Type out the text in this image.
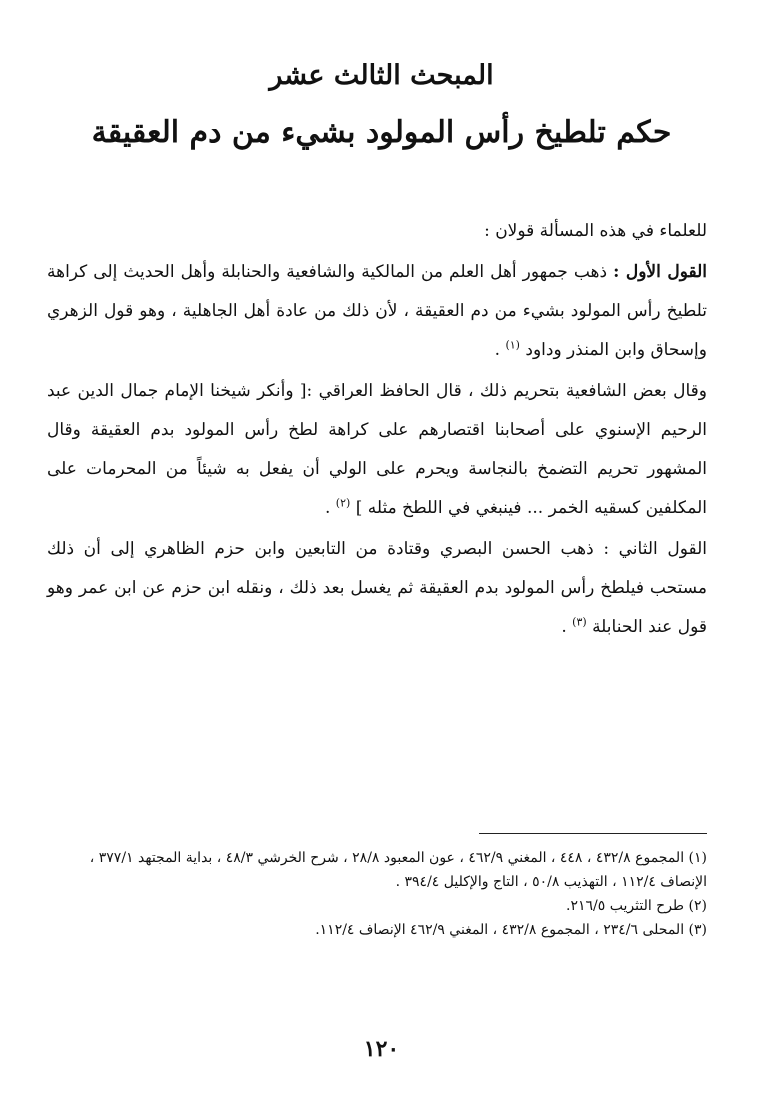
المبحث الثالث عشر
حكم تلطيخ رأس المولود بشيء من دم العقيقة

للعلماء في هذه المسألة قولان :

القول الأول : ذهب جمهور أهل العلم من المالكية والشافعية والحنابلة وأهل الحديث إلى كراهة تلطيخ رأس المولود بشيء من دم العقيقة ، لأن ذلك من عادة أهل الجاهلية ، وهو قول الزهري وإسحاق وابن المنذر وداود $^{(١)}$ .

وقال بعض الشافعية بتحريم ذلك ، قال الحافظ العراقي :[ وأنكر شيخنا الإمام جمال الدين عبد الرحيم الإسنوي على أصحابنا اقتصارهم على كراهة لطخ رأس المولود بدم العقيقة وقال المشهور تحريم التضمخ بالنجاسة ويحرم على الولي أن يفعل به شيئاً من المحرمات على المكلفين كسقيه الخمر ... فينبغي في اللطخ مثله ] $^{(٢)}$ .

القول الثاني : ذهب الحسن البصري وقتادة من التابعين وابن حزم الظاهري إلى أن ذلك مستحب فيلطخ رأس المولود بدم العقيقة ثم يغسل بعد ذلك ، ونقله ابن حزم عن ابن عمر وهو قول عند الحنابلة $^{(٣)}$ .

(١) المجموع ٤٣٢/٨ ، ٤٤٨ ، المغني ٤٦٢/٩ ، عون المعبود ٢٨/٨ ، شرح الخرشي ٤٨/٣ ، بداية المجتهد ٣٧٧/١ ، الإنصاف ١١٢/٤ ، التهذيب ٥٠/٨ ، التاج والإكليل ٣٩٤/٤ .
(٢) طرح التثريب ٢١٦/٥.
(٣) المحلى ٢٣٤/٦ ، المجموع ٤٣٢/٨ ، المغني ٤٦٢/٩ الإنصاف ١١٢/٤.
١٢٠
